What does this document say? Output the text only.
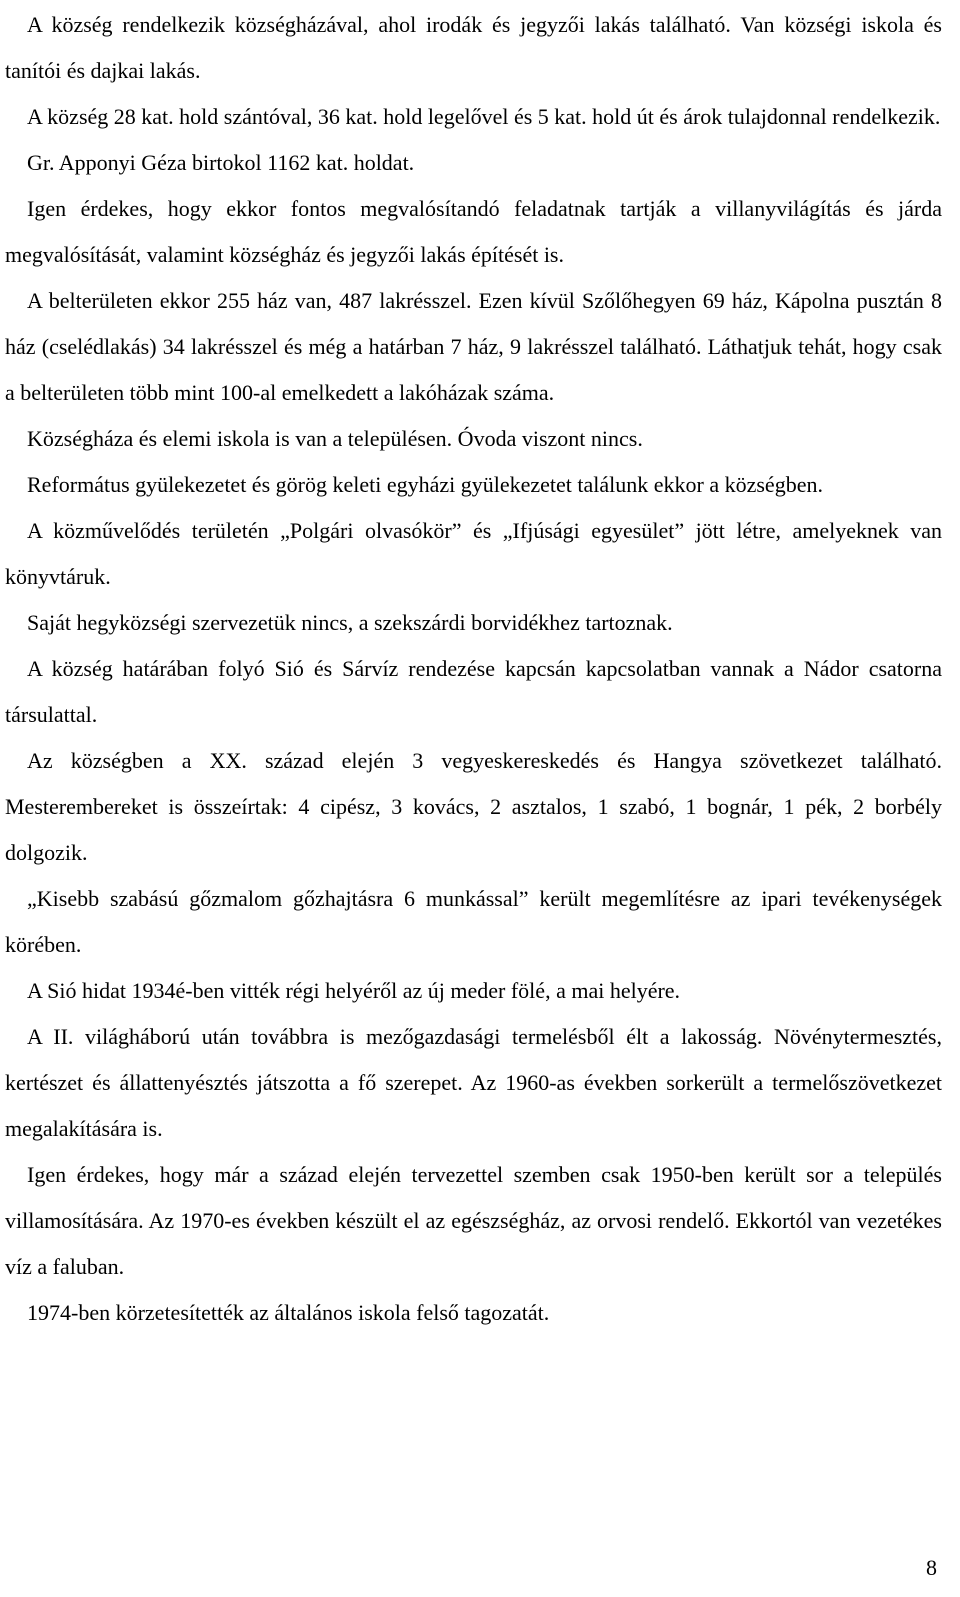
A község rendelkezik községházával, ahol irodák és jegyzői lakás található. Van községi iskola és tanítói és dajkai lakás.

A község 28 kat. hold szántóval, 36 kat. hold legelővel és 5 kat. hold út és árok tulajdonnal rendelkezik.

Gr. Apponyi Géza birtokol 1162 kat. holdat.

Igen érdekes, hogy ekkor fontos megvalósítandó feladatnak tartják a villanyvilágítás és járda megvalósítását, valamint községház és jegyzői lakás építését is.

A belterületen ekkor 255 ház van, 487 lakrésszel. Ezen kívül Szőlőhegyen 69 ház, Kápolna pusztán 8 ház (cselédlakás) 34 lakrésszel és még a határban 7 ház, 9 lakrésszel található. Láthatjuk tehát, hogy csak a belterületen több mint 100-al emelkedett a lakóházak száma.

Községháza és elemi iskola is van a településen. Óvoda viszont nincs.

Református gyülekezetet és görög keleti egyházi gyülekezetet találunk ekkor a községben.

A közművelődés területén „Polgári olvasókör” és „Ifjúsági egyesület” jött létre, amelyeknek van könyvtáruk.

Saját hegyközségi szervezetük nincs, a szekszárdi borvidékhez tartoznak.

A község határában folyó Sió és Sárvíz rendezése kapcsán kapcsolatban vannak a Nádor csatorna társulattal.

Az községben a XX. század elején 3 vegyeskereskedés és Hangya szövetkezet található. Mesterembereket is összeírtak: 4 cipész, 3 kovács, 2 asztalos, 1 szabó, 1 bognár, 1 pék, 2 borbély dolgozik.

„Kisebb szabású gőzmalom gőzhajtásra 6 munkással” került megemlítésre az ipari tevékenységek körében.

A Sió hidat 1934é-ben vitték régi helyéről az új meder fölé, a mai helyére.

A II. világháború után továbbra is mezőgazdasági termelésből élt a lakosság. Növénytermesztés, kertészet és állattenyésztés játszotta a fő szerepet. Az 1960-as években sorkerült a termelőszövetkezet megalakítására is.

Igen érdekes, hogy már a század elején tervezettel szemben csak 1950-ben került sor a település villamosítására. Az 1970-es években készült el az egészségház, az orvosi rendelő. Ekkortól van vezetékes víz a faluban.

1974-ben körzetesítették az általános iskola felső tagozatát.

8
